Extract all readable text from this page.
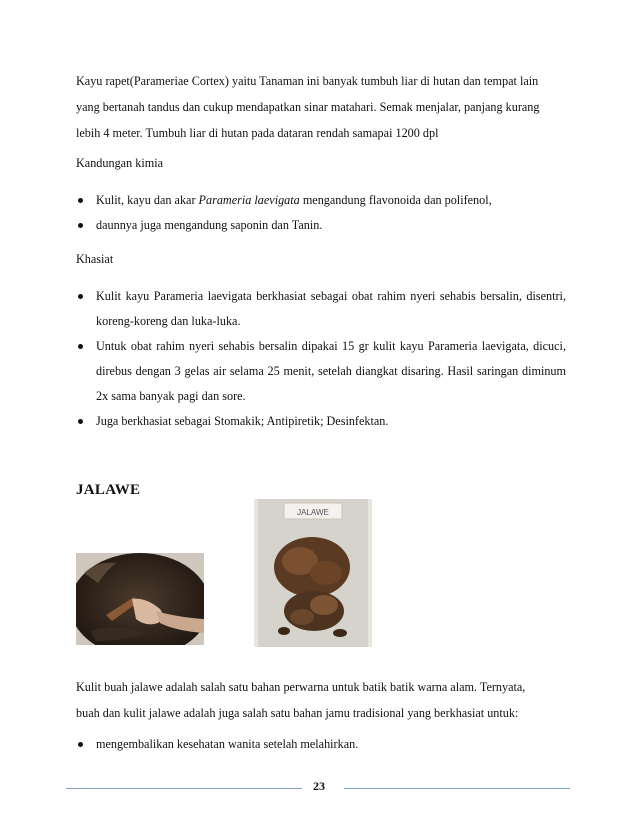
Kayu rapet(Parameriae Cortex) yaitu Tanaman ini banyak tumbuh liar di hutan dan tempat lain
yang bertanah tandus dan cukup mendapatkan sinar matahari. Semak menjalar, panjang kurang
lebih 4 meter. Tumbuh liar di hutan pada dataran rendah samapai 1200 dpl
Kandungan kimia
Kulit, kayu dan akar Parameria laevigata mengandung flavonoida dan polifenol,
daunnya juga mengandung saponin dan Tanin.
Khasiat
Kulit kayu Parameria laevigata berkhasiat sebagai obat rahim nyeri sehabis bersalin, disentri, koreng-koreng dan luka-luka.
Untuk obat rahim nyeri sehabis bersalin dipakai 15 gr kulit kayu Parameria laevigata, dicuci, direbus dengan 3 gelas air selama 25 menit, setelah diangkat disaring. Hasil saringan diminum 2x sama banyak pagi dan sore.
Juga berkhasiat sebagai Stomakik; Antipiretik; Desinfektan.
JALAWE
JALAWE
Kulit buah jalawe adalah salah satu bahan perwarna untuk batik batik warna alam. Ternyata,
buah dan kulit jalawe adalah juga salah satu bahan jamu tradisional yang berkhasiat untuk:
mengembalikan kesehatan wanita setelah melahirkan.
23
